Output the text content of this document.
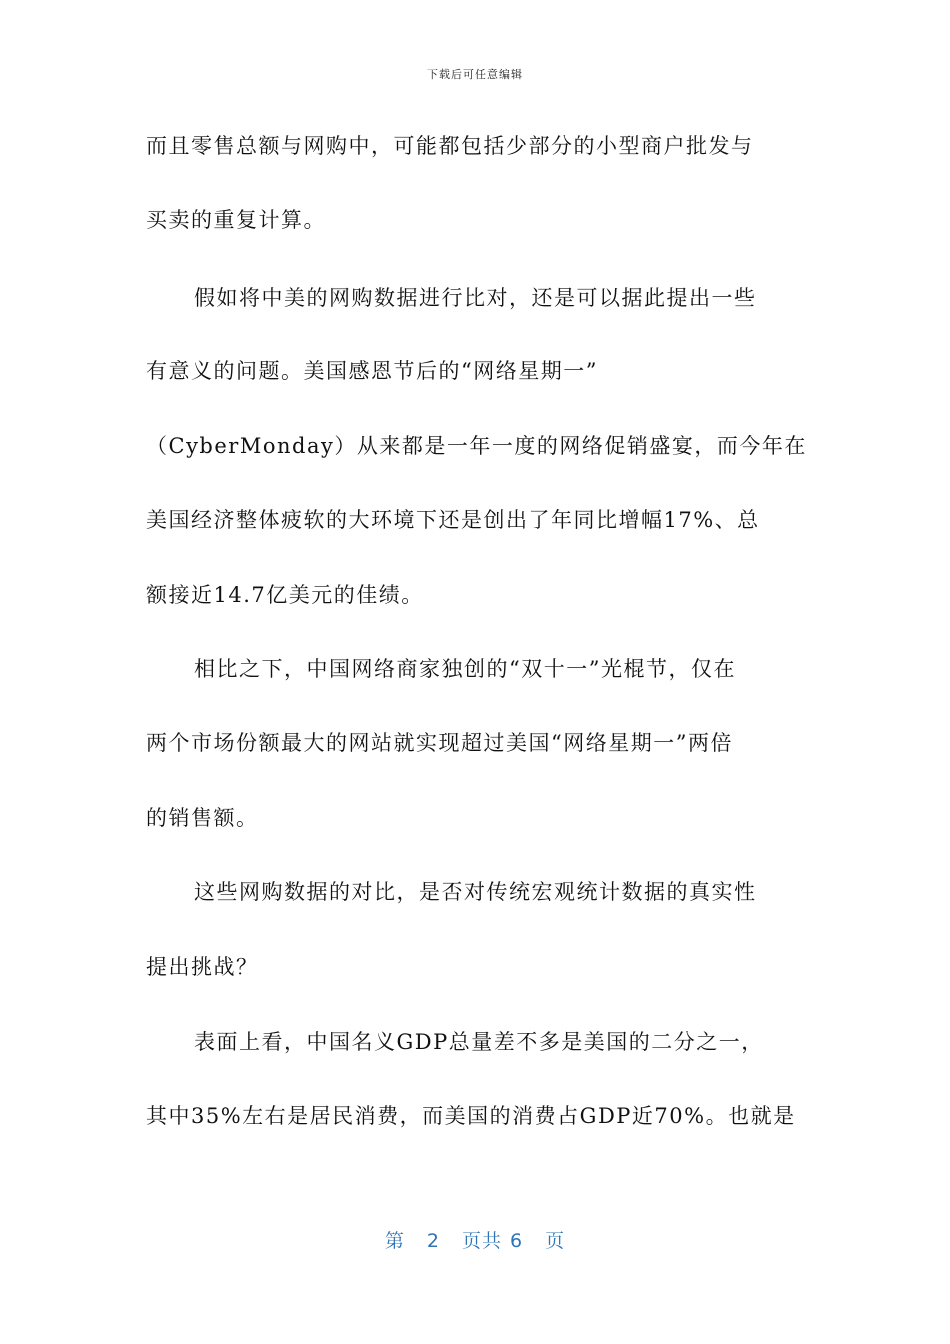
下载后可任意编辑
而且零售总额与网购中，可能都包括少部分的小型商户批发与
买卖的重复计算。
假如将中美的网购数据进行比对，还是可以据此提出一些
有意义的问题。美国感恩节后的“网络星期一”
（CyberMonday）从来都是一年一度的网络促销盛宴，而今年在
美国经济整体疲软的大环境下还是创出了年同比增幅17%、总
额接近14.7亿美元的佳绩。
相比之下，中国网络商家独创的“双十一”光棍节，仅在
两个市场份额最大的网站就实现超过美国“网络星期一”两倍
的销售额。
这些网购数据的对比，是否对传统宏观统计数据的真实性
提出挑战？
表面上看，中国名义GDP总量差不多是美国的二分之一，
其中35%左右是居民消费，而美国的消费占GDP近70%。也就是
第 2 页共 6 页
